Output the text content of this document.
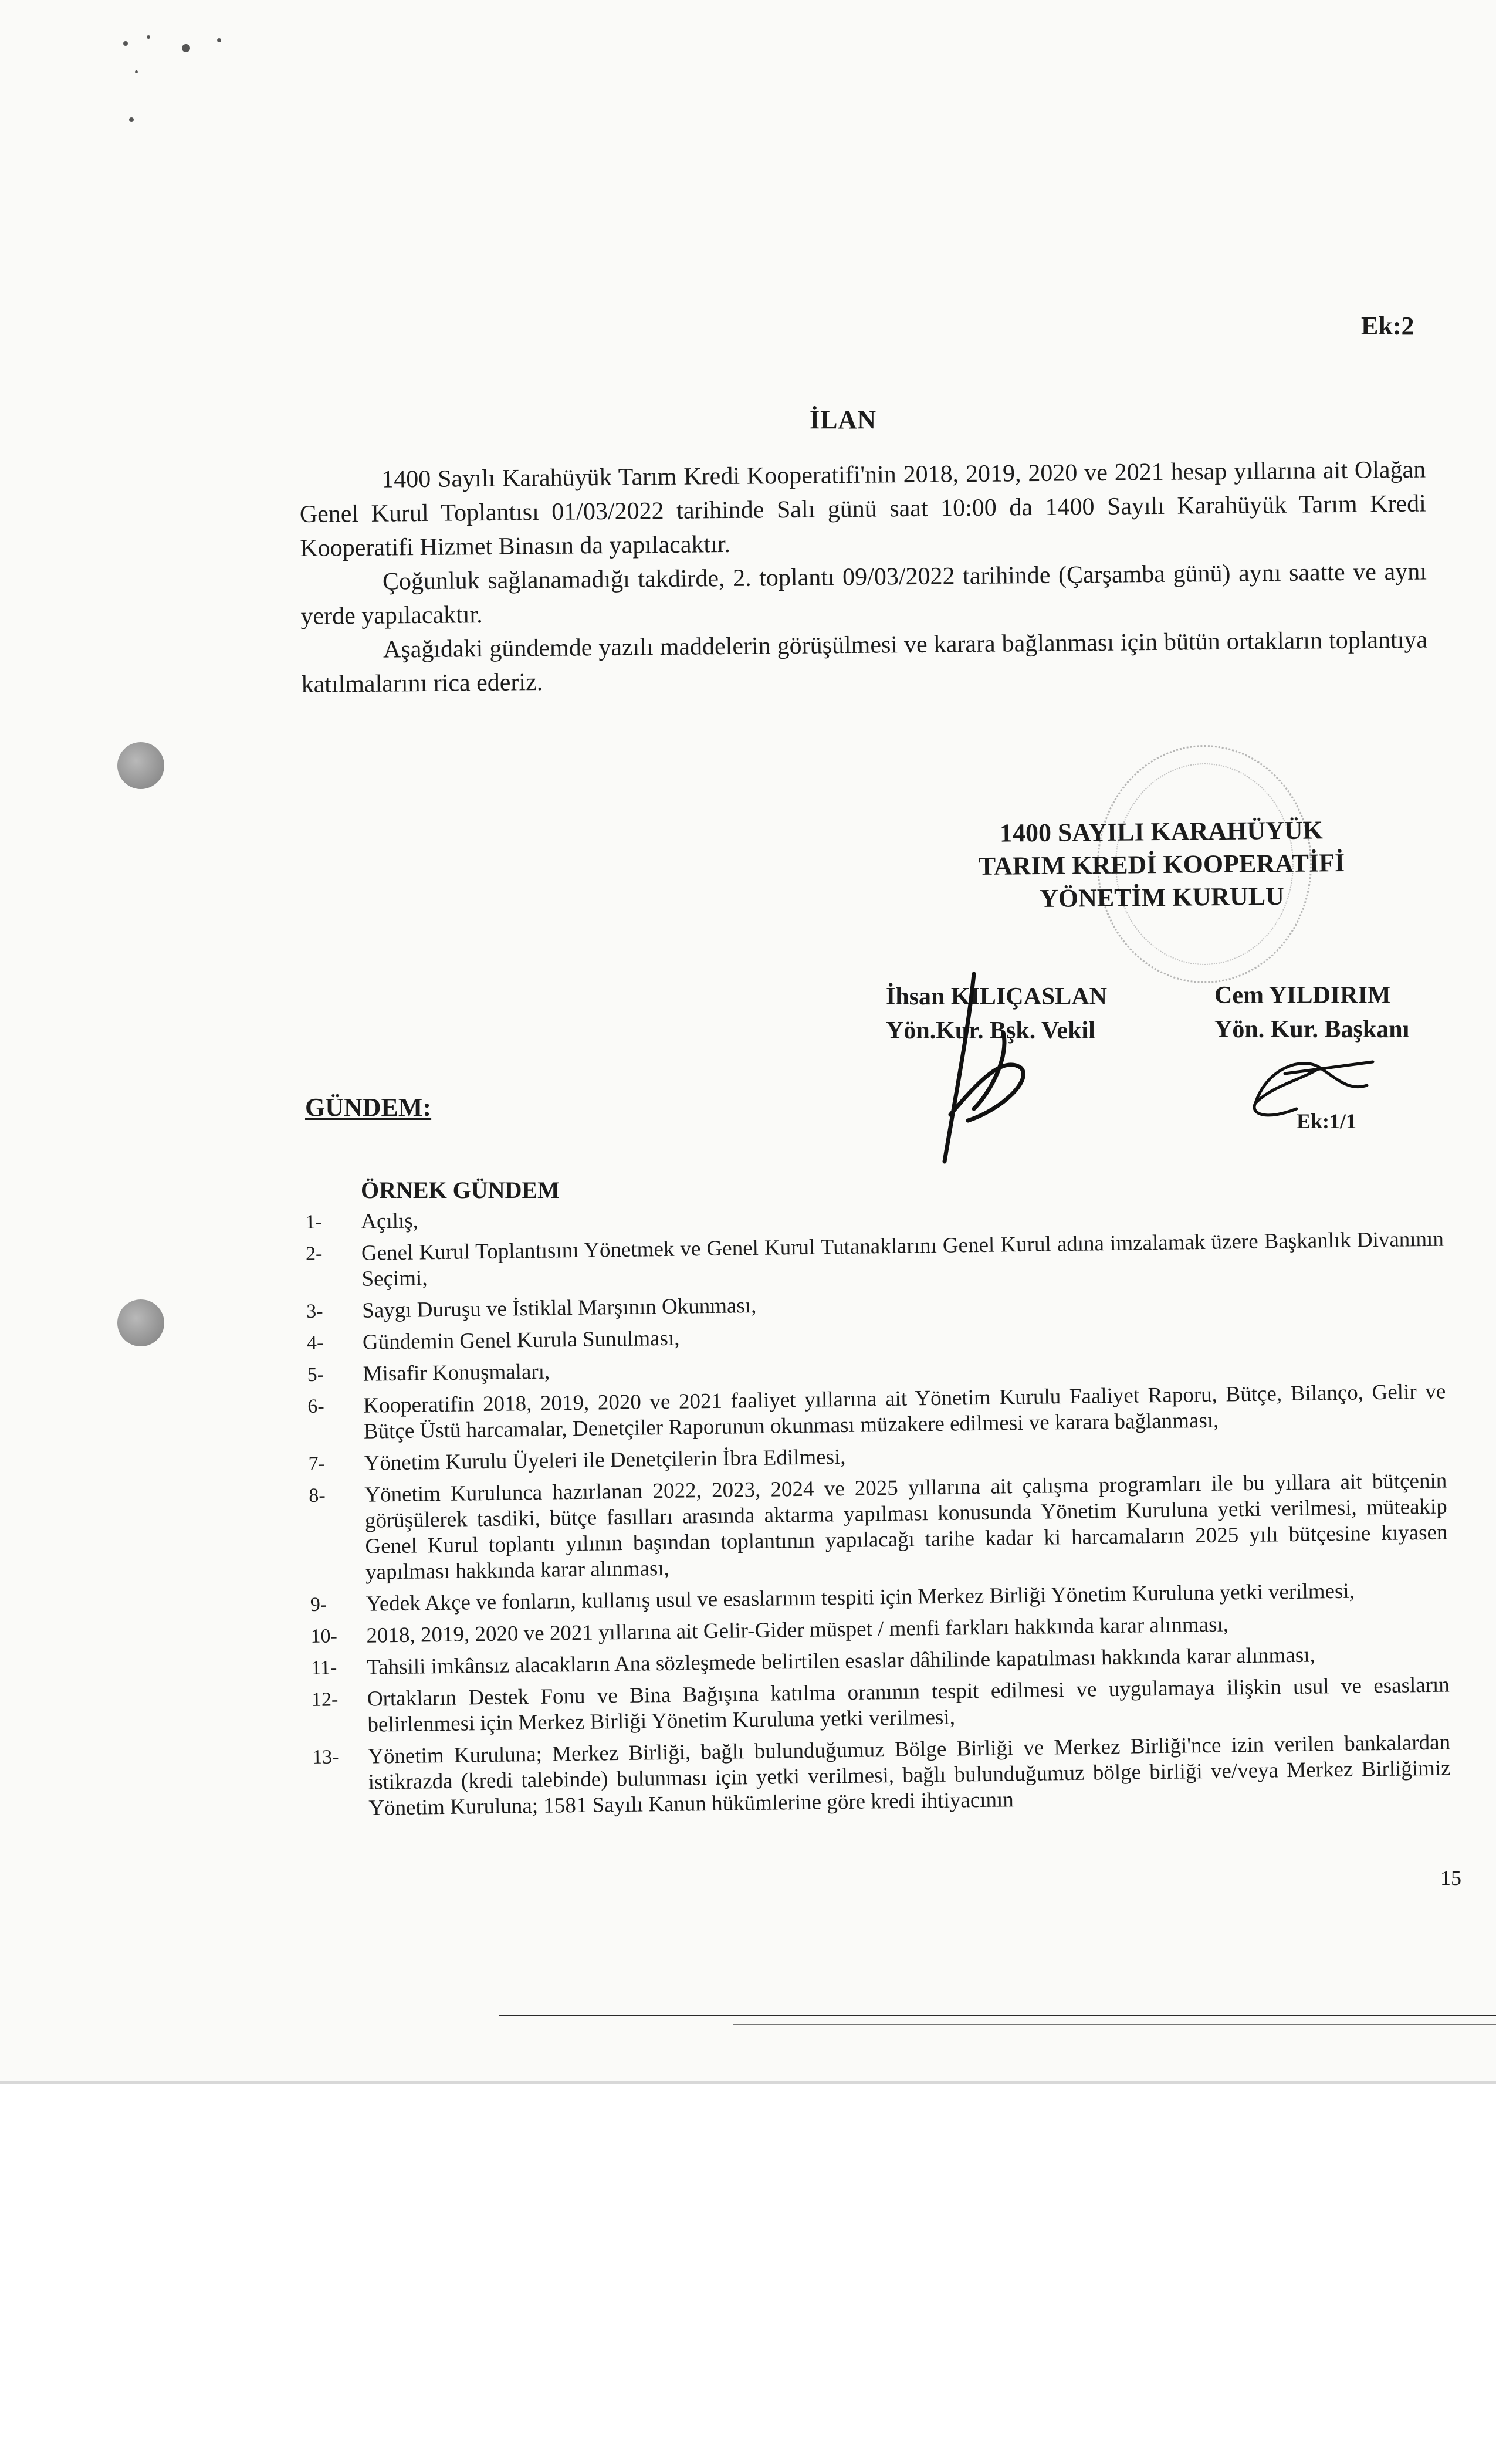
Ek:2
İLAN

1400 Sayılı Karahüyük Tarım Kredi Kooperatifi'nin 2018, 2019, 2020 ve 2021 hesap yıllarına ait Olağan Genel Kurul Toplantısı 01/03/2022 tarihinde Salı günü saat 10:00 da 1400 Sayılı Karahüyük Tarım Kredi Kooperatifi Hizmet Binasın da yapılacaktır.

Çoğunluk sağlanamadığı takdirde, 2. toplantı 09/03/2022 tarihinde (Çarşamba günü) aynı saatte ve aynı yerde yapılacaktır.

Aşağıdaki gündemde yazılı maddelerin görüşülmesi ve karara bağlanması için bütün ortakların toplantıya katılmalarını rica ederiz.

1400 SAYILI KARAHÜYÜK
TARIM KREDİ KOOPERATİFİ
YÖNETİM KURULU
İhsan KILIÇASLAN
Yön.Kur. Bşk. Vekil
Cem YILDIRIM
Yön. Kur. Başkanı
Ek:1/1
GÜNDEM:
ÖRNEK GÜNDEM
1-	Açılış,
2-	Genel Kurul Toplantısını Yönetmek ve Genel Kurul Tutanaklarını Genel Kurul adına imzalamak üzere Başkanlık Divanının Seçimi,
3-	Saygı Duruşu ve İstiklal Marşının Okunması,
4-	Gündemin Genel Kurula Sunulması,
5-	Misafir Konuşmaları,
6-	Kooperatifin 2018, 2019, 2020 ve 2021 faaliyet yıllarına ait Yönetim Kurulu Faaliyet Raporu, Bütçe, Bilanço, Gelir ve Bütçe Üstü harcamalar, Denetçiler Raporunun okunması müzakere edilmesi ve karara bağlanması,
7-	Yönetim Kurulu Üyeleri ile Denetçilerin İbra Edilmesi,
8-	Yönetim Kurulunca hazırlanan 2022, 2023, 2024 ve 2025 yıllarına ait çalışma programları ile bu yıllara ait bütçenin görüşülerek tasdiki, bütçe fasılları arasında aktarma yapılması konusunda Yönetim Kuruluna yetki verilmesi, müteakip Genel Kurul toplantı yılının başından toplantının yapılacağı tarihe kadar ki harcamaların 2025 yılı bütçesine kıyasen yapılması hakkında karar alınması,
9-	Yedek Akçe ve fonların, kullanış usul ve esaslarının tespiti için Merkez Birliği Yönetim Kuruluna yetki verilmesi,
10-	2018, 2019, 2020 ve 2021 yıllarına ait Gelir-Gider müspet / menfi farkları hakkında karar alınması,
11-	Tahsili imkânsız alacakların Ana sözleşmede belirtilen esaslar dâhilinde kapatılması hakkında karar alınması,
12-	Ortakların Destek Fonu ve Bina Bağışına katılma oranının tespit edilmesi ve uygulamaya ilişkin usul ve esasların belirlenmesi için Merkez Birliği Yönetim Kuruluna yetki verilmesi,
13-	Yönetim Kuruluna; Merkez Birliği, bağlı bulunduğumuz Bölge Birliği ve Merkez Birliği'nce izin verilen bankalardan istikrazda (kredi talebinde) bulunması için yetki verilmesi, bağlı bulunduğumuz bölge birliği ve/veya Merkez Birliğimiz Yönetim Kuruluna; 1581 Sayılı Kanun hükümlerine göre kredi ihtiyacının
15
